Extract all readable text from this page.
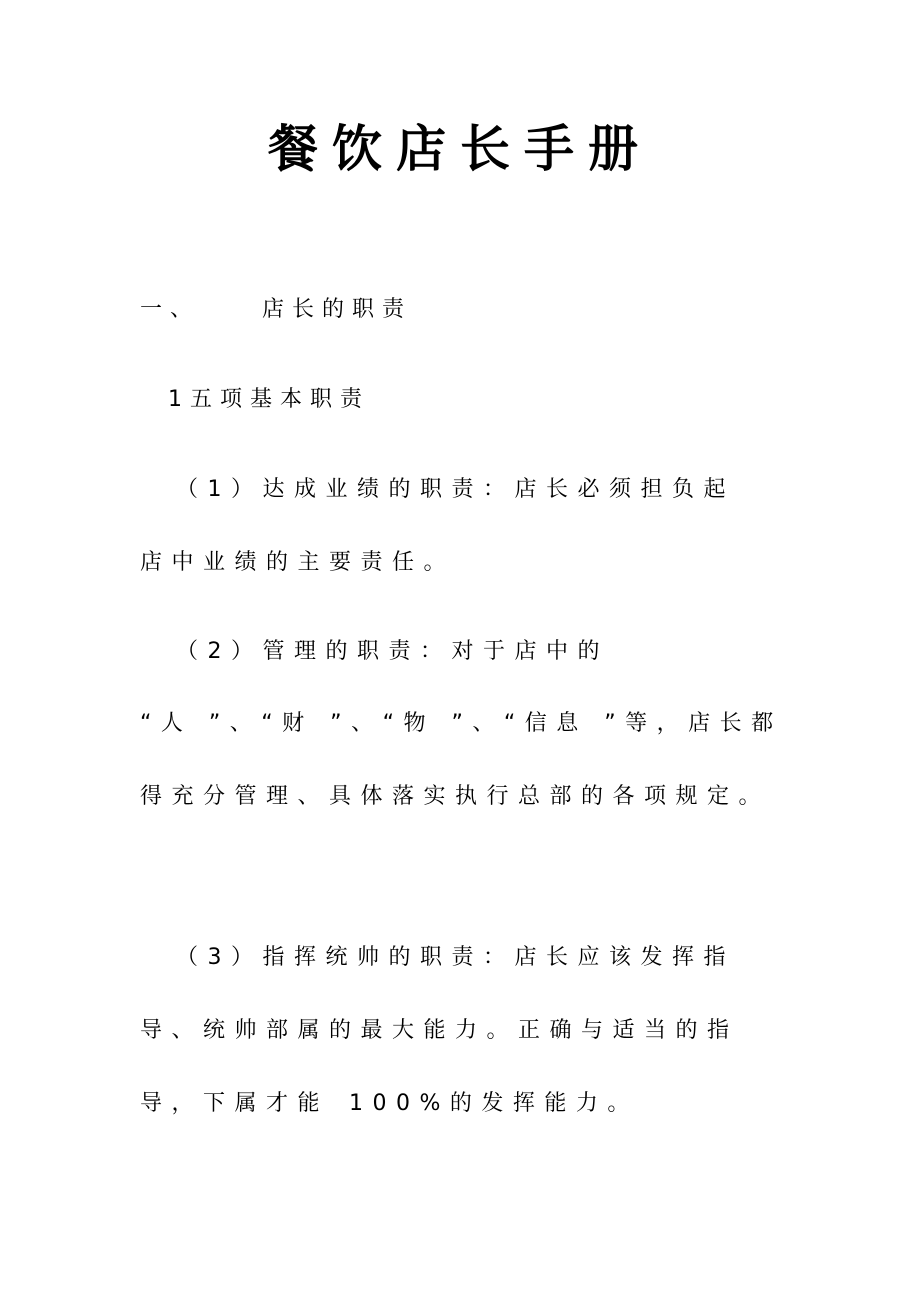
餐饮店长手册
一、	店长的职责
1五项基本职责
（1）达成业绩的职责：店长必须担负起
店中业绩的主要责任。
（2）管理的职责：对于店中的
“人 ”、“财 ”、“物 ”、“信息 ”等，店长都
得充分管理、具体落实执行总部的各项规定。
（3）指挥统帅的职责：店长应该发挥指
导、统帅部属的最大能力。正确与适当的指
导，下属才能 100%的发挥能力。
